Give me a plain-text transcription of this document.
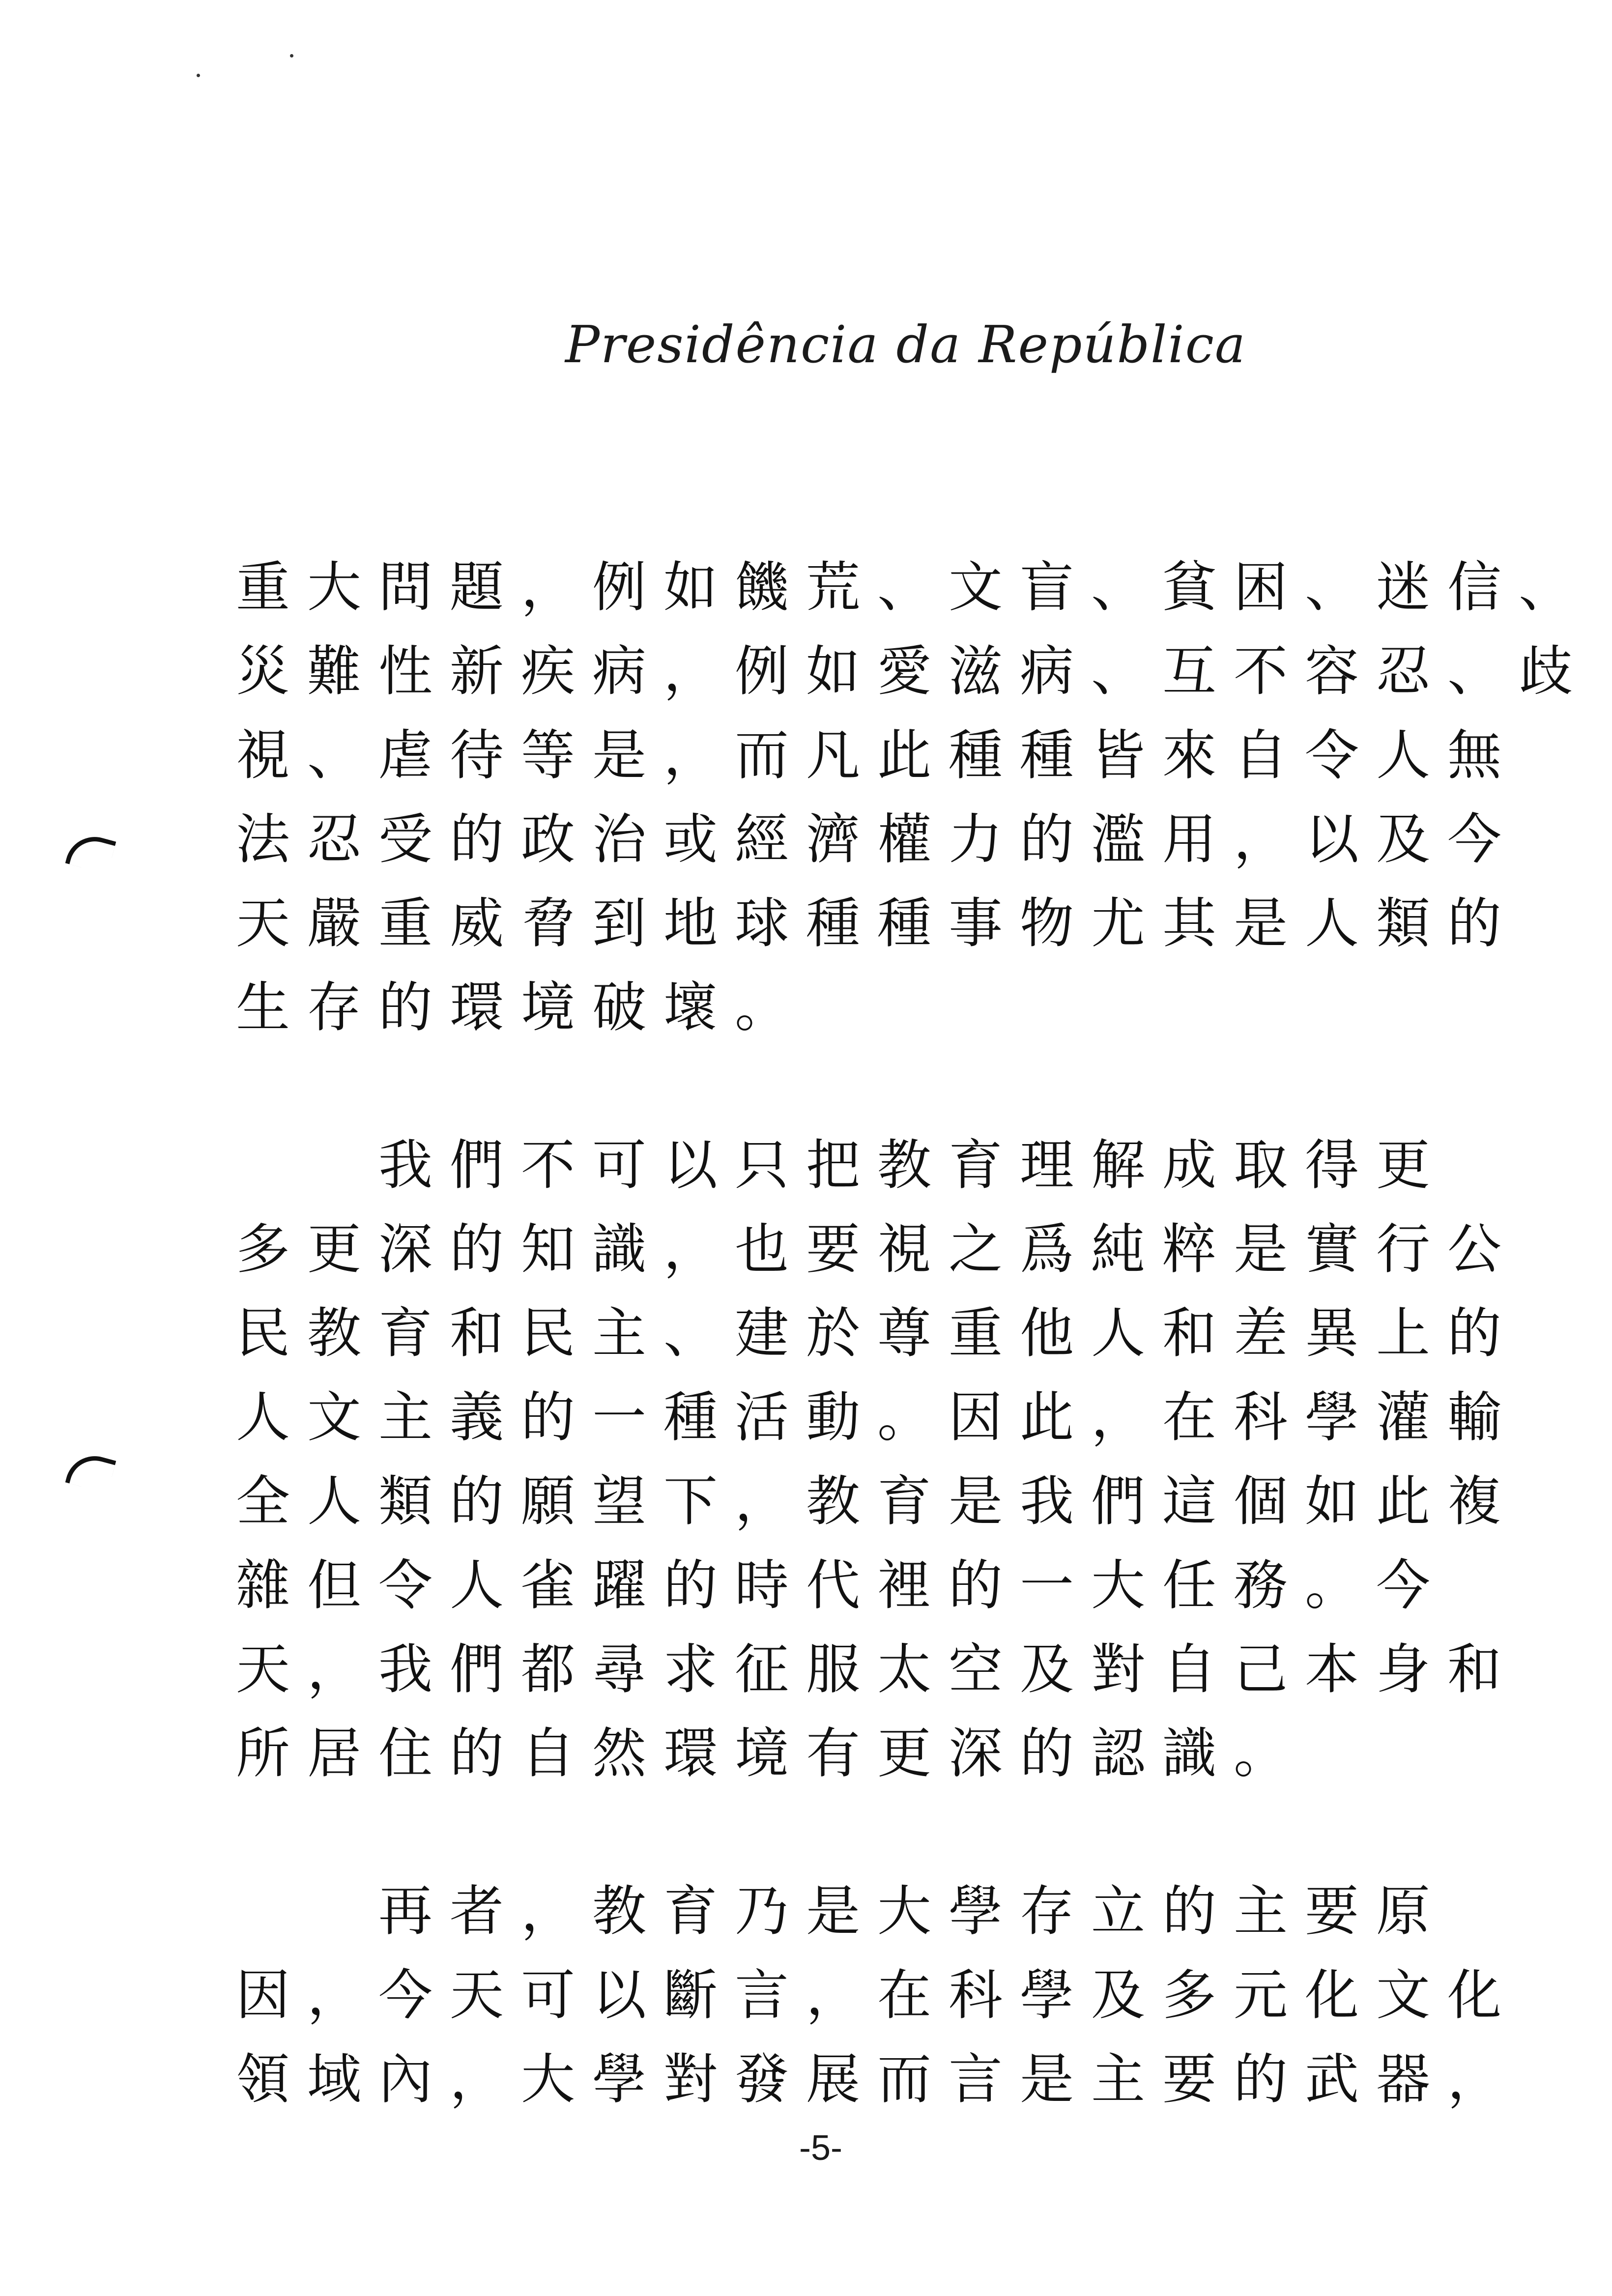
Presidência da República
重大問題，例如饑荒、文盲、貧困、迷信、
災難性新疾病，例如愛滋病、互不容忍、歧
視、虐待等是，而凡此種種皆來自令人無
法忍受的政治或經濟權力的濫用，以及今
天嚴重威脅到地球種種事物尤其是人類的
生存的環境破壞。
我們不可以只把教育理解成取得更
多更深的知識，也要視之爲純粹是實行公
民教育和民主、建於尊重他人和差異上的
人文主義的一種活動。因此，在科學灌輸
全人類的願望下，教育是我們這個如此複
雜但令人雀躍的時代裡的一大任務。今
天，我們都尋求征服太空及對自己本身和
所居住的自然環境有更深的認識。
再者，教育乃是大學存立的主要原
因，今天可以斷言，在科學及多元化文化
領域內，大學對發展而言是主要的武器，
-5-
